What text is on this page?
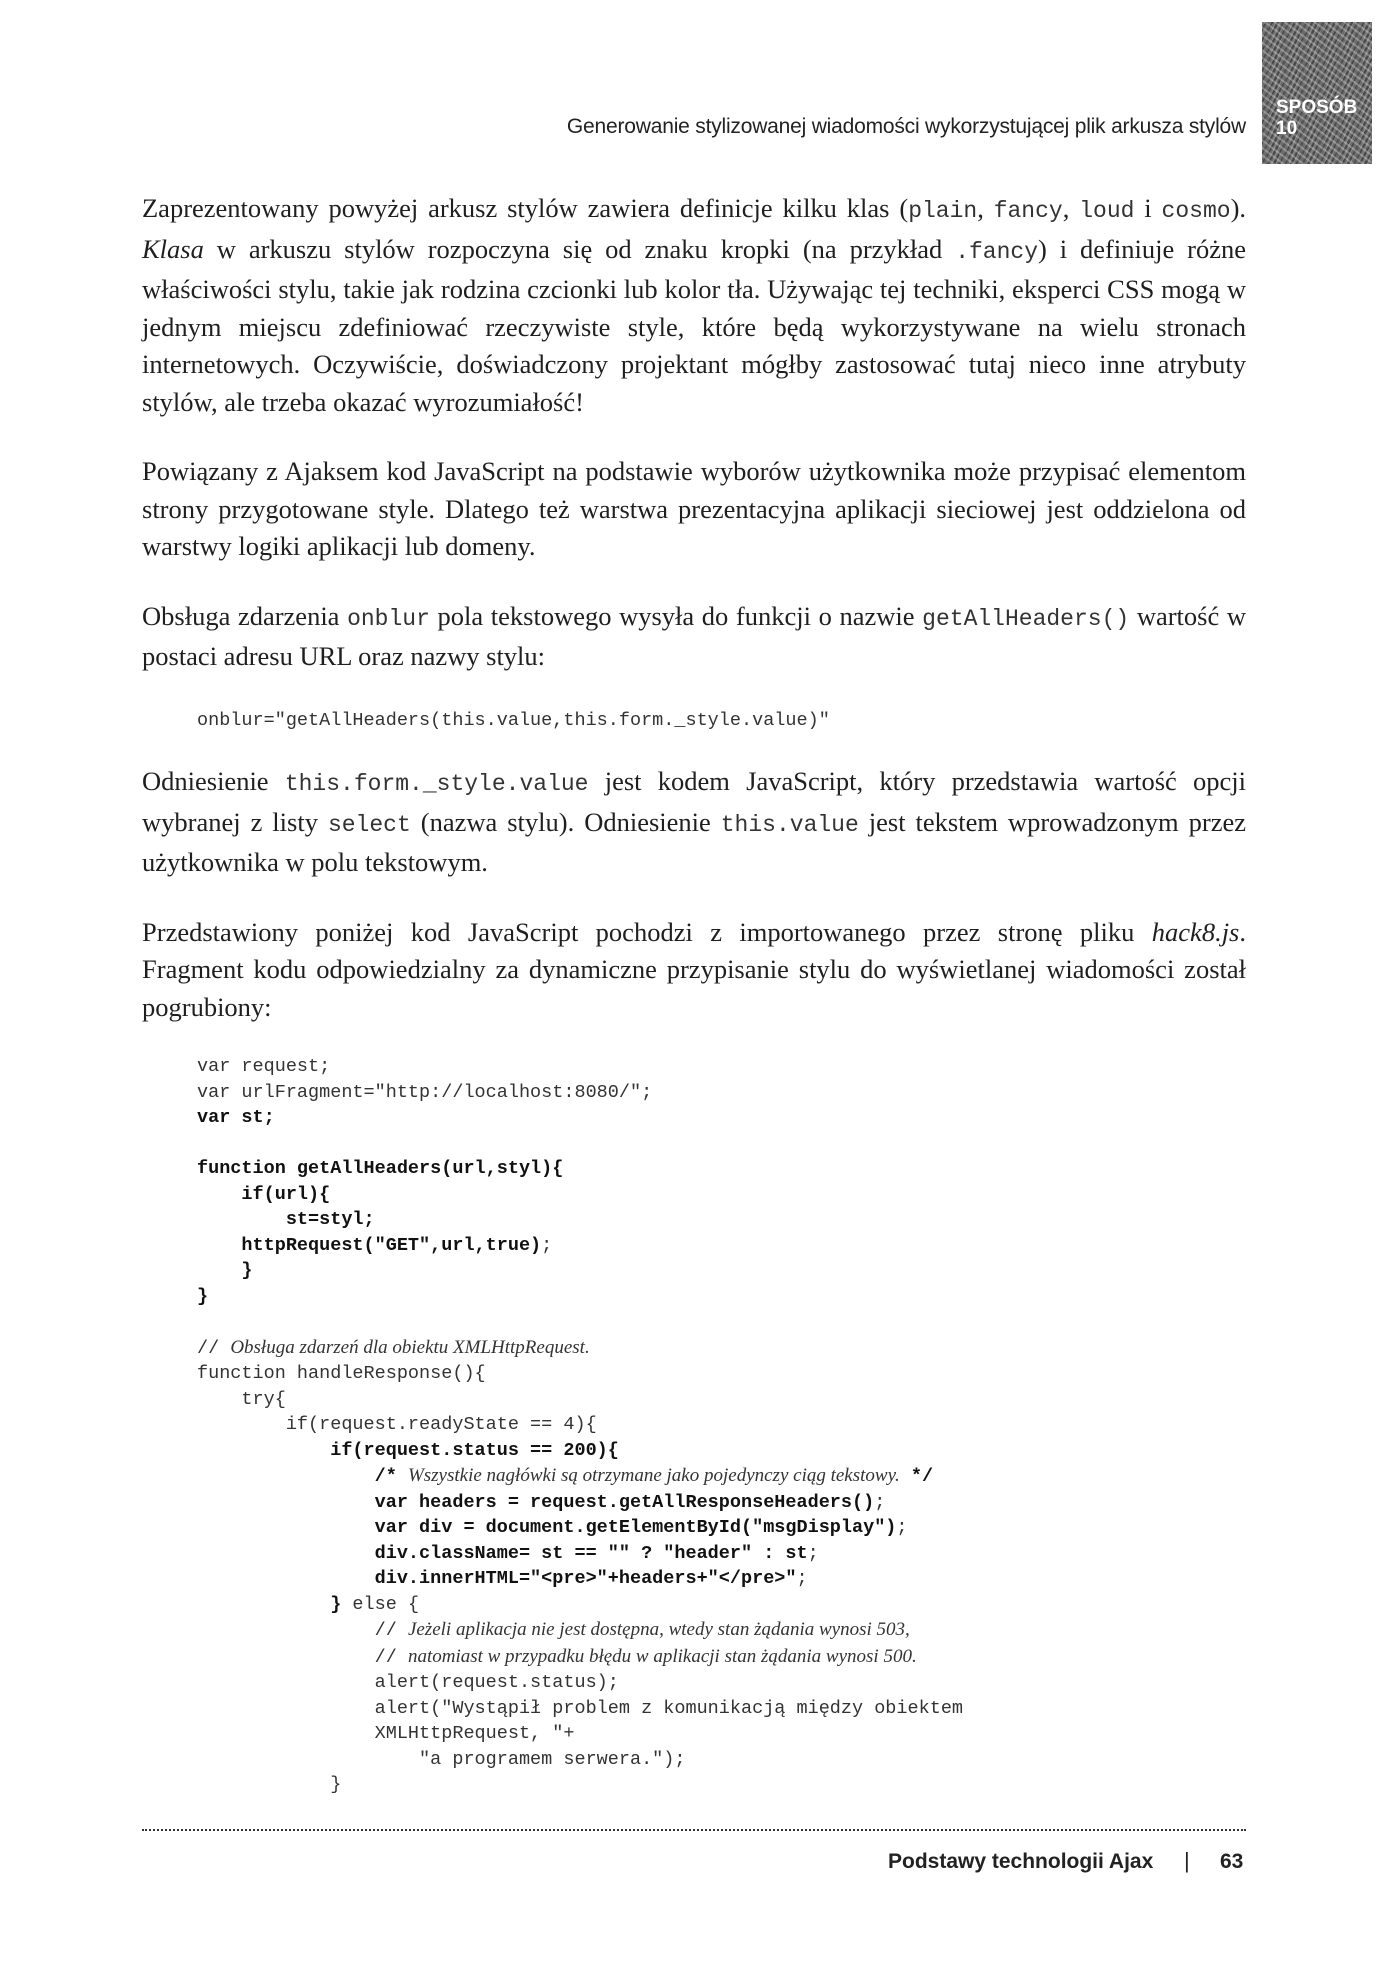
Generowanie stylizowanej wiadomości wykorzystującej plik arkusza stylów
SPOSÓB
10

Zaprezentowany powyżej arkusz stylów zawiera definicje kilku klas (plain, fancy, loud i cosmo). Klasa w arkuszu stylów rozpoczyna się od znaku kropki (na przykład .fancy) i definiuje różne właściwości stylu, takie jak rodzina czcionki lub kolor tła. Używając tej techniki, eksperci CSS mogą w jednym miejscu zdefiniować rzeczywiste style, które będą wykorzystywane na wielu stronach internetowych. Oczywiście, doświadczony projektant mógłby zastosować tutaj nieco inne atrybuty stylów, ale trzeba okazać wyrozumiałość!

Powiązany z Ajaksem kod JavaScript na podstawie wyborów użytkownika może przypisać elementom strony przygotowane style. Dlatego też warstwa prezentacyjna aplikacji sieciowej jest oddzielona od warstwy logiki aplikacji lub domeny.

Obsługa zdarzenia onblur pola tekstowego wysyła do funkcji o nazwie getAllHeaders() wartość w postaci adresu URL oraz nazwy stylu:

onblur="getAllHeaders(this.value,this.form._style.value)"

Odniesienie this.form._style.value jest kodem JavaScript, który przedstawia wartość opcji wybranej z listy select (nazwa stylu). Odniesienie this.value jest tekstem wprowadzonym przez użytkownika w polu tekstowym.

Przedstawiony poniżej kod JavaScript pochodzi z importowanego przez stronę pliku hack8.js. Fragment kodu odpowiedzialny za dynamiczne przypisanie stylu do wyświetlanej wiadomości został pogrubiony:

var request;
var urlFragment="http://localhost:8080/";
var st;

function getAllHeaders(url,styl){
if(url){
st=styl;
httpRequest("GET",url,true);
}
}

// Obsługa zdarzeń dla obiektu XMLHttpRequest.
function handleResponse(){
try{
if(request.readyState == 4){
if(request.status == 200){
/* Wszystkie nagłówki są otrzymane jako pojedynczy ciąg tekstowy. */
var headers = request.getAllResponseHeaders();
var div = document.getElementById("msgDisplay");
div.className= st == "" ? "header" : st;
div.innerHTML="<pre>"+headers+"</pre>";
} else {
// Jeżeli aplikacja nie jest dostępna, wtedy stan żądania wynosi 503,
// natomiast w przypadku błędu w aplikacji stan żądania wynosi 500.
alert(request.status);
alert("Wystąpił problem z komunikacją między obiektem
XMLHttpRequest, "+
"a programem serwera.");
}
Podstawy technologii Ajax | 63
